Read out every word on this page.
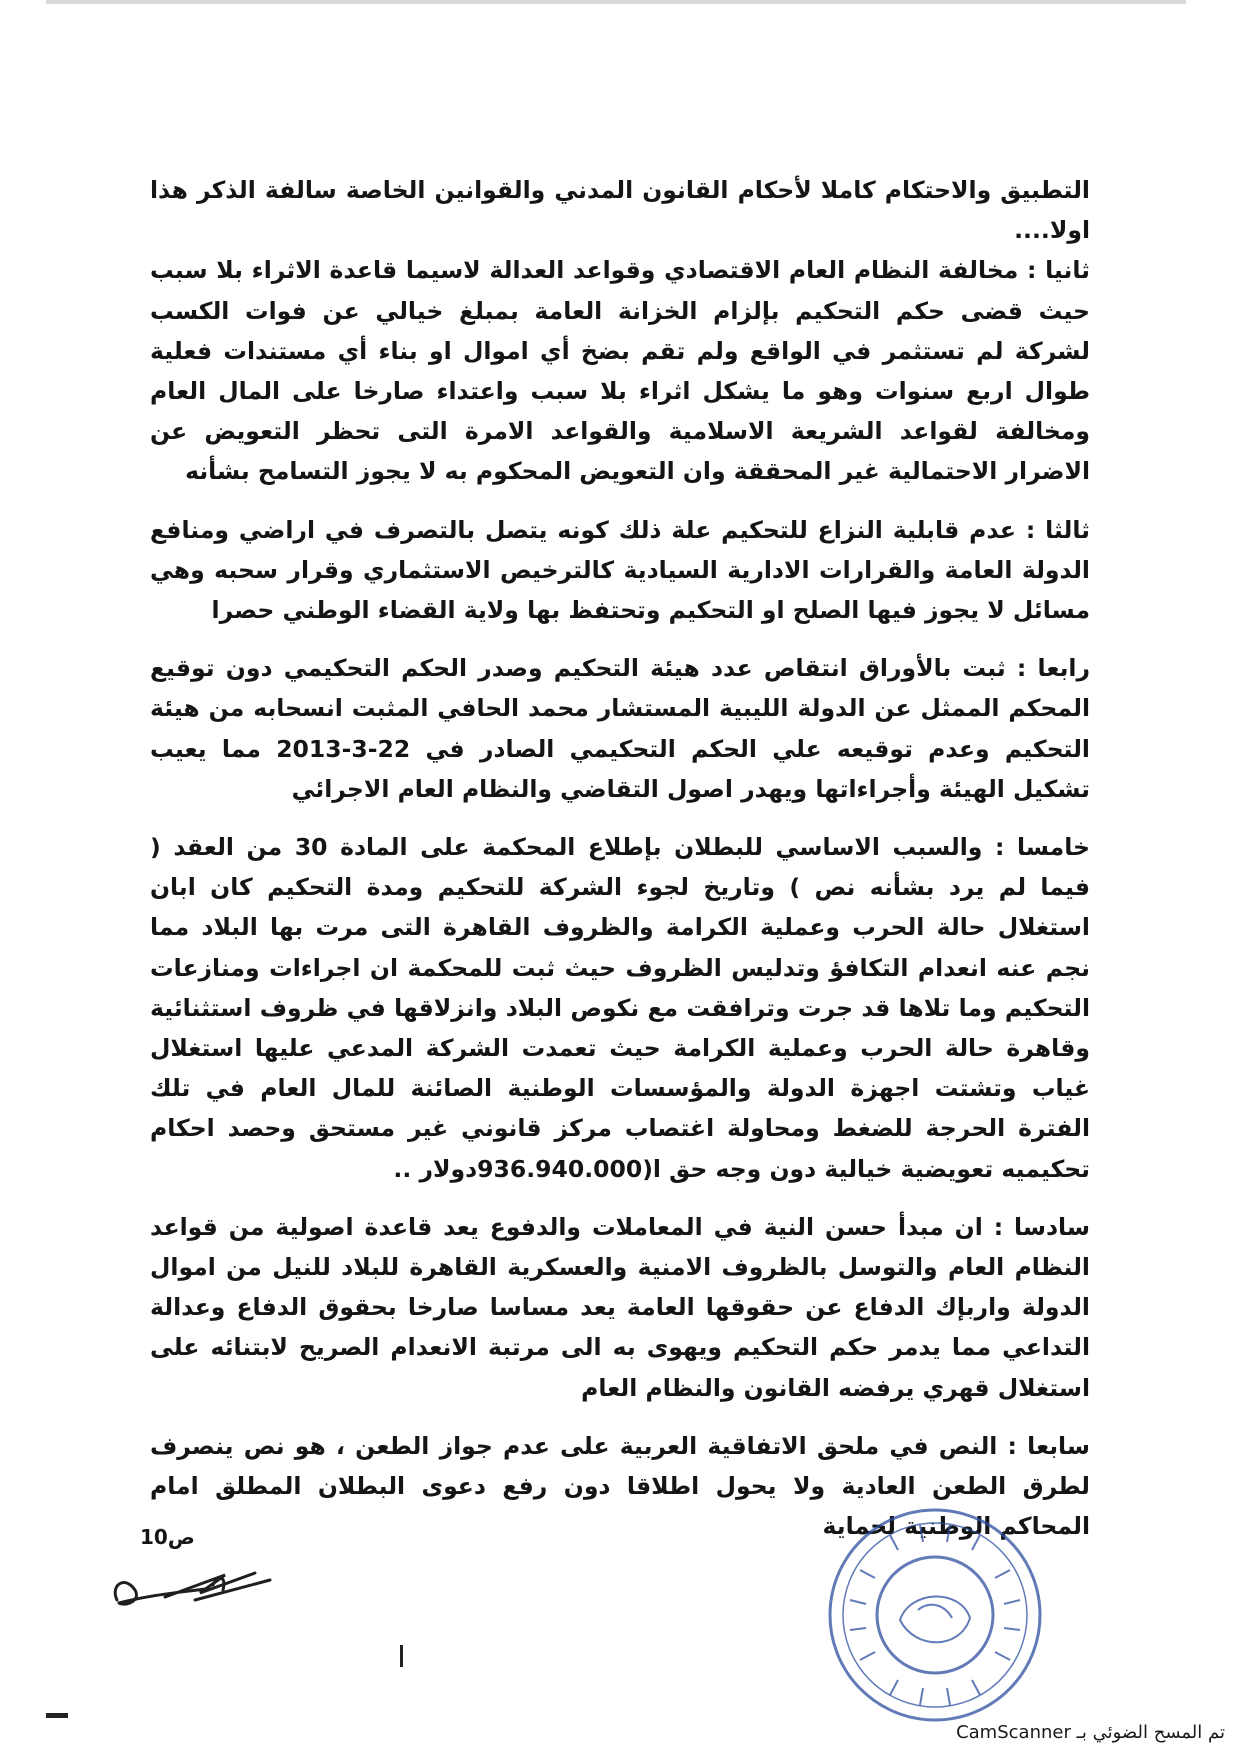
التطبيق والاحتكام كاملا لأحكام القانون المدني والقوانين الخاصة سالفة الذكر هذا اولا....
ثانيا : مخالفة النظام العام الاقتصادي وقواعد العدالة لاسيما قاعدة الاثراء بلا سبب حيث قضى حكم التحكيم بإلزام الخزانة العامة بمبلغ خيالي عن فوات الكسب لشركة لم تستثمر في الواقع ولم تقم بضخ أي اموال او بناء أي مستندات فعلية طوال اربع سنوات وهو ما يشكل اثراء بلا سبب واعتداء صارخا على المال العام ومخالفة لقواعد الشريعة الاسلامية والقواعد الامرة التى تحظر التعويض عن الاضرار الاحتمالية غير المحققة وان التعويض المحكوم به لا يجوز التسامح بشأنه

ثالثا : عدم قابلية النزاع للتحكيم علة ذلك كونه يتصل بالتصرف في اراضي ومنافع الدولة العامة والقرارات الادارية السيادية كالترخيص الاستثماري وقرار سحبه وهي مسائل لا يجوز فيها الصلح او التحكيم وتحتفظ بها ولاية القضاء الوطني حصرا

رابعا : ثبت بالأوراق انتقاص عدد هيئة التحكيم وصدر الحكم التحكيمي دون توقيع المحكم الممثل عن الدولة الليبية المستشار محمد الحافي المثبت انسحابه من هيئة التحكيم وعدم توقيعه علي الحكم التحكيمي الصادر في 22-3-2013 مما يعيب تشكيل الهيئة وأجراءاتها ويهدر اصول التقاضي والنظام العام الاجرائي

خامسا : والسبب الاساسي للبطلان بإطلاع المحكمة على المادة 30 من العقد ( فيما لم يرد بشأنه نص ) وتاريخ لجوء الشركة للتحكيم ومدة التحكيم كان ابان استغلال حالة الحرب وعملية الكرامة والظروف القاهرة التى مرت بها البلاد مما نجم عنه انعدام التكافؤ وتدليس الظروف حيث ثبت للمحكمة ان اجراءات ومنازعات التحكيم وما تلاها قد جرت وترافقت مع نكوص البلاد وانزلاقها في ظروف استثنائية وقاهرة حالة الحرب وعملية الكرامة حيث تعمدت الشركة المدعي عليها استغلال غياب وتشتت اجهزة الدولة والمؤسسات الوطنية الصائنة للمال العام في تلك الفترة الحرجة للضغط ومحاولة اغتصاب مركز قانوني غير مستحق وحصد احكام تحكيميه تعويضية خيالية دون وجه حق ا(936.940.000دولار ..

سادسا : ان مبدأ حسن النية في المعاملات والدفوع يعد قاعدة اصولية من قواعد النظام العام والتوسل بالظروف الامنية والعسكرية القاهرة للبلاد للنيل من اموال الدولة واربإك الدفاع عن حقوقها العامة يعد مساسا صارخا بحقوق الدفاع وعدالة التداعي مما يدمر حكم التحكيم ويهوى به الى مرتبة الانعدام الصريح لابتنائه على استغلال قهري يرفضه القانون والنظام العام

سابعا : النص في ملحق الاتفاقية العربية على عدم جواز الطعن ، هو نص ينصرف لطرق الطعن العادية ولا يحول اطلاقا دون رفع دعوى البطلان المطلق امام المحاكم الوطنية لحماية

ص10
تم المسح الضوئي بـ CamScanner
